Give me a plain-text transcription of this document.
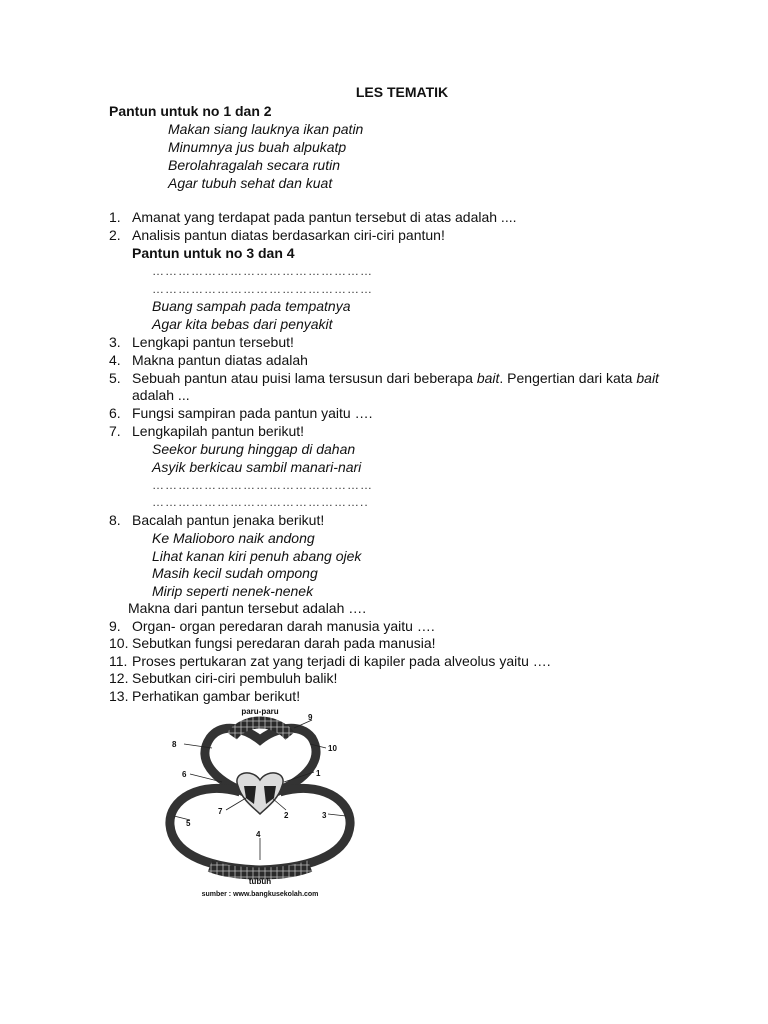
LES TEMATIK
Pantun untuk no 1 dan 2
Makan siang lauknya ikan patin
Minumnya jus buah alpukatp
Berolahragalah secara rutin
Agar tubuh sehat dan kuat
1. Amanat yang terdapat pada pantun tersebut di atas adalah ....
2. Analisis pantun diatas berdasarkan ciri-ciri pantun!
Pantun untuk no 3 dan 4
……………………………………………
……………………………………………
Buang sampah pada tempatnya
Agar kita bebas dari penyakit
3. Lengkapi pantun tersebut!
4. Makna pantun diatas adalah
5. Sebuah pantun atau puisi lama tersusun dari beberapa bait. Pengertian dari kata bait
adalah ...
6. Fungsi sampiran pada pantun yaitu ….
7. Lengkapilah pantun berikut!
Seekor burung hinggap di dahan
Asyik berkicau sambil manari-nari
……………………………………………
…………………………………………..
8. Bacalah pantun jenaka berikut!
Ke Malioboro naik andong
Lihat kanan kiri penuh abang ojek
Masih kecil sudah ompong
Mirip seperti nenek-nenek
Makna dari pantun tersebut adalah ….
9. Organ- organ peredaran darah manusia yaitu ….
10. Sebutkan fungsi peredaran darah pada manusia!
11. Proses pertukaran zat yang terjadi di kapiler pada alveolus yaitu ….
12. Sebutkan ciri-ciri pembuluh balik!
13. Perhatikan gambar berikut!
paru-paru
tubuh
1
2	3
4
5
6
7
8
9
10
sumber : www.bangkusekolah.com
